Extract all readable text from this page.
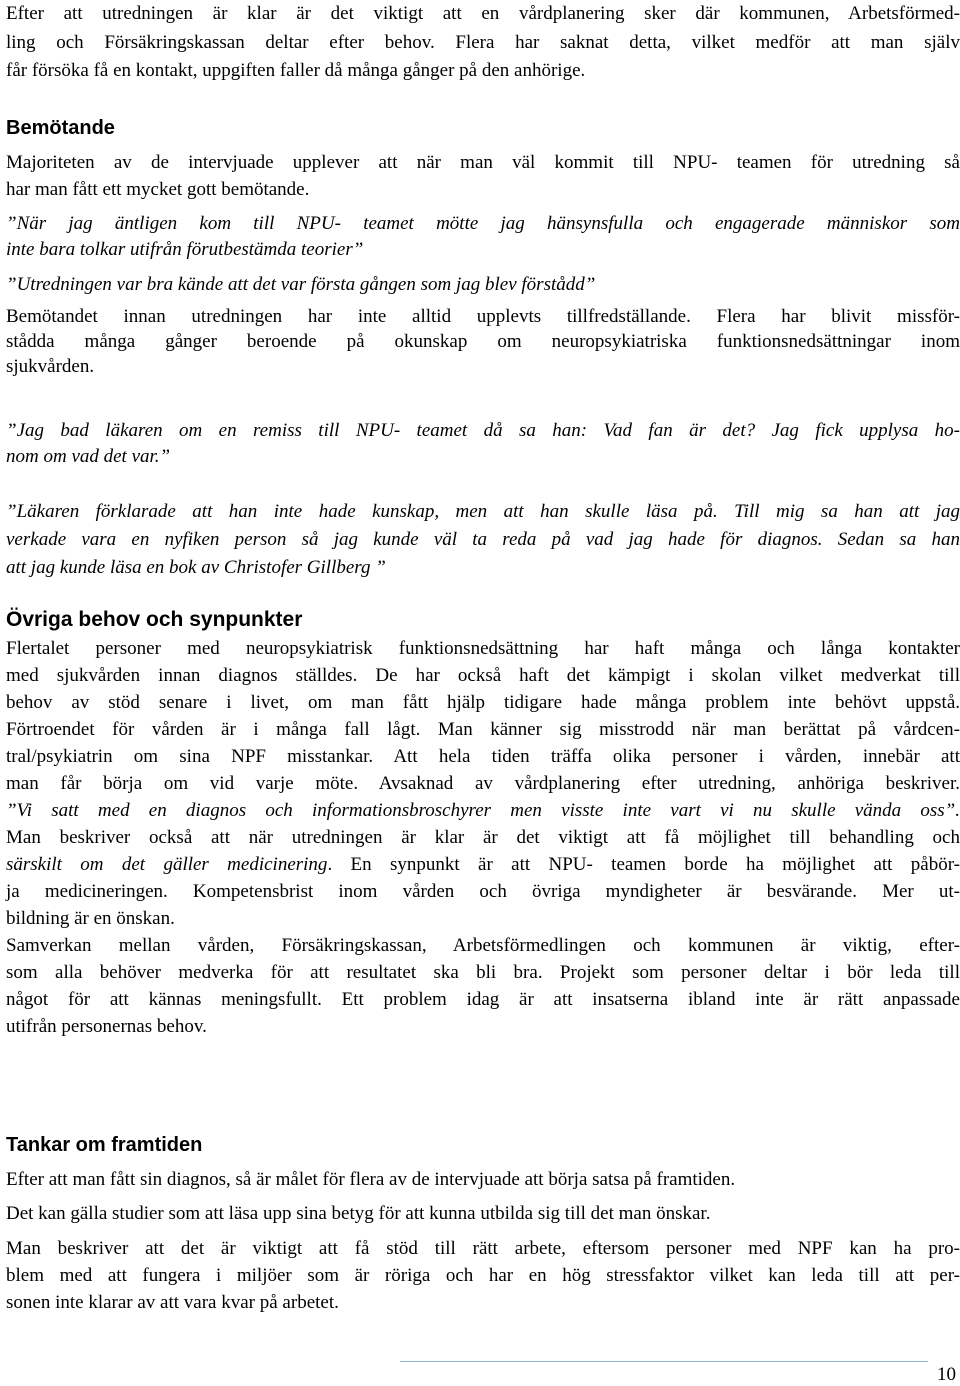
Efter att utredningen är klar är det viktigt att en vårdplanering sker där kommunen, Arbetsförmed-
ling och Försäkringskassan deltar efter behov. Flera har saknat detta, vilket medför att man själv
får försöka få en kontakt, uppgiften faller då många gånger på den anhörige.
Bemötande
Majoriteten av de intervjuade upplever att när man väl kommit till NPU- teamen för utredning så
har man fått ett mycket gott bemötande.
”När jag äntligen kom till NPU- teamet mötte jag hänsynsfulla och engagerade människor som
inte bara tolkar utifrån förutbestämda teorier”
”Utredningen var bra kände att det var första gången som jag blev förstådd”
Bemötandet innan utredningen har inte alltid upplevts tillfredställande. Flera har blivit missför-
stådda många gånger beroende på okunskap om neuropsykiatriska funktionsnedsättningar inom
sjukvården.
”Jag bad läkaren om en remiss till NPU- teamet då sa han: Vad fan är det? Jag fick upplysa ho-
nom om vad det var.”
”Läkaren förklarade att han inte hade kunskap, men att han skulle läsa på. Till mig sa han att jag
verkade vara en nyfiken person så jag kunde väl ta reda på vad jag hade för diagnos. Sedan sa han
att jag kunde läsa en bok av Christofer Gillberg ”
Övriga behov och synpunkter
Flertalet personer med neuropsykiatrisk funktionsnedsättning har haft många och långa kontakter
med sjukvården innan diagnos ställdes. De har också haft det kämpigt i skolan vilket medverkat till
behov av stöd senare i livet, om man fått hjälp tidigare hade många problem inte behövt uppstå.
Förtroendet för vården är i många fall lågt. Man känner sig misstrodd när man berättat på vårdcen-
tral/psykiatrin om sina NPF misstankar. Att hela tiden träffa olika personer i vården, innebär att
man får börja om vid varje möte. Avsaknad av vårdplanering efter utredning, anhöriga beskriver.
”Vi satt med en diagnos och informationsbroschyrer men visste inte vart vi nu skulle vända oss”.
Man beskriver också att när utredningen är klar är det viktigt att få möjlighet till behandling och
särskilt om det gäller medicinering. En synpunkt är att NPU- teamen borde ha möjlighet att påbör-
ja medicineringen. Kompetensbrist inom vården och övriga myndigheter är besvärande. Mer ut-
bildning är en önskan.
Samverkan mellan vården, Försäkringskassan, Arbetsförmedlingen och kommunen är viktig, efter-
som alla behöver medverka för att resultatet ska bli bra. Projekt som personer deltar i bör leda till
något för att kännas meningsfullt. Ett problem idag är att insatserna ibland inte är rätt anpassade
utifrån personernas behov.
Tankar om framtiden
Efter att man fått sin diagnos, så är målet för flera av de intervjuade att börja satsa på framtiden.
Det kan gälla studier som att läsa upp sina betyg för att kunna utbilda sig till det man önskar.
Man beskriver att det är viktigt att få stöd till rätt arbete, eftersom personer med NPF kan ha pro-
blem med att fungera i miljöer som är röriga och har en hög stressfaktor vilket kan leda till att per-
sonen inte klarar av att vara kvar på arbetet.
10
